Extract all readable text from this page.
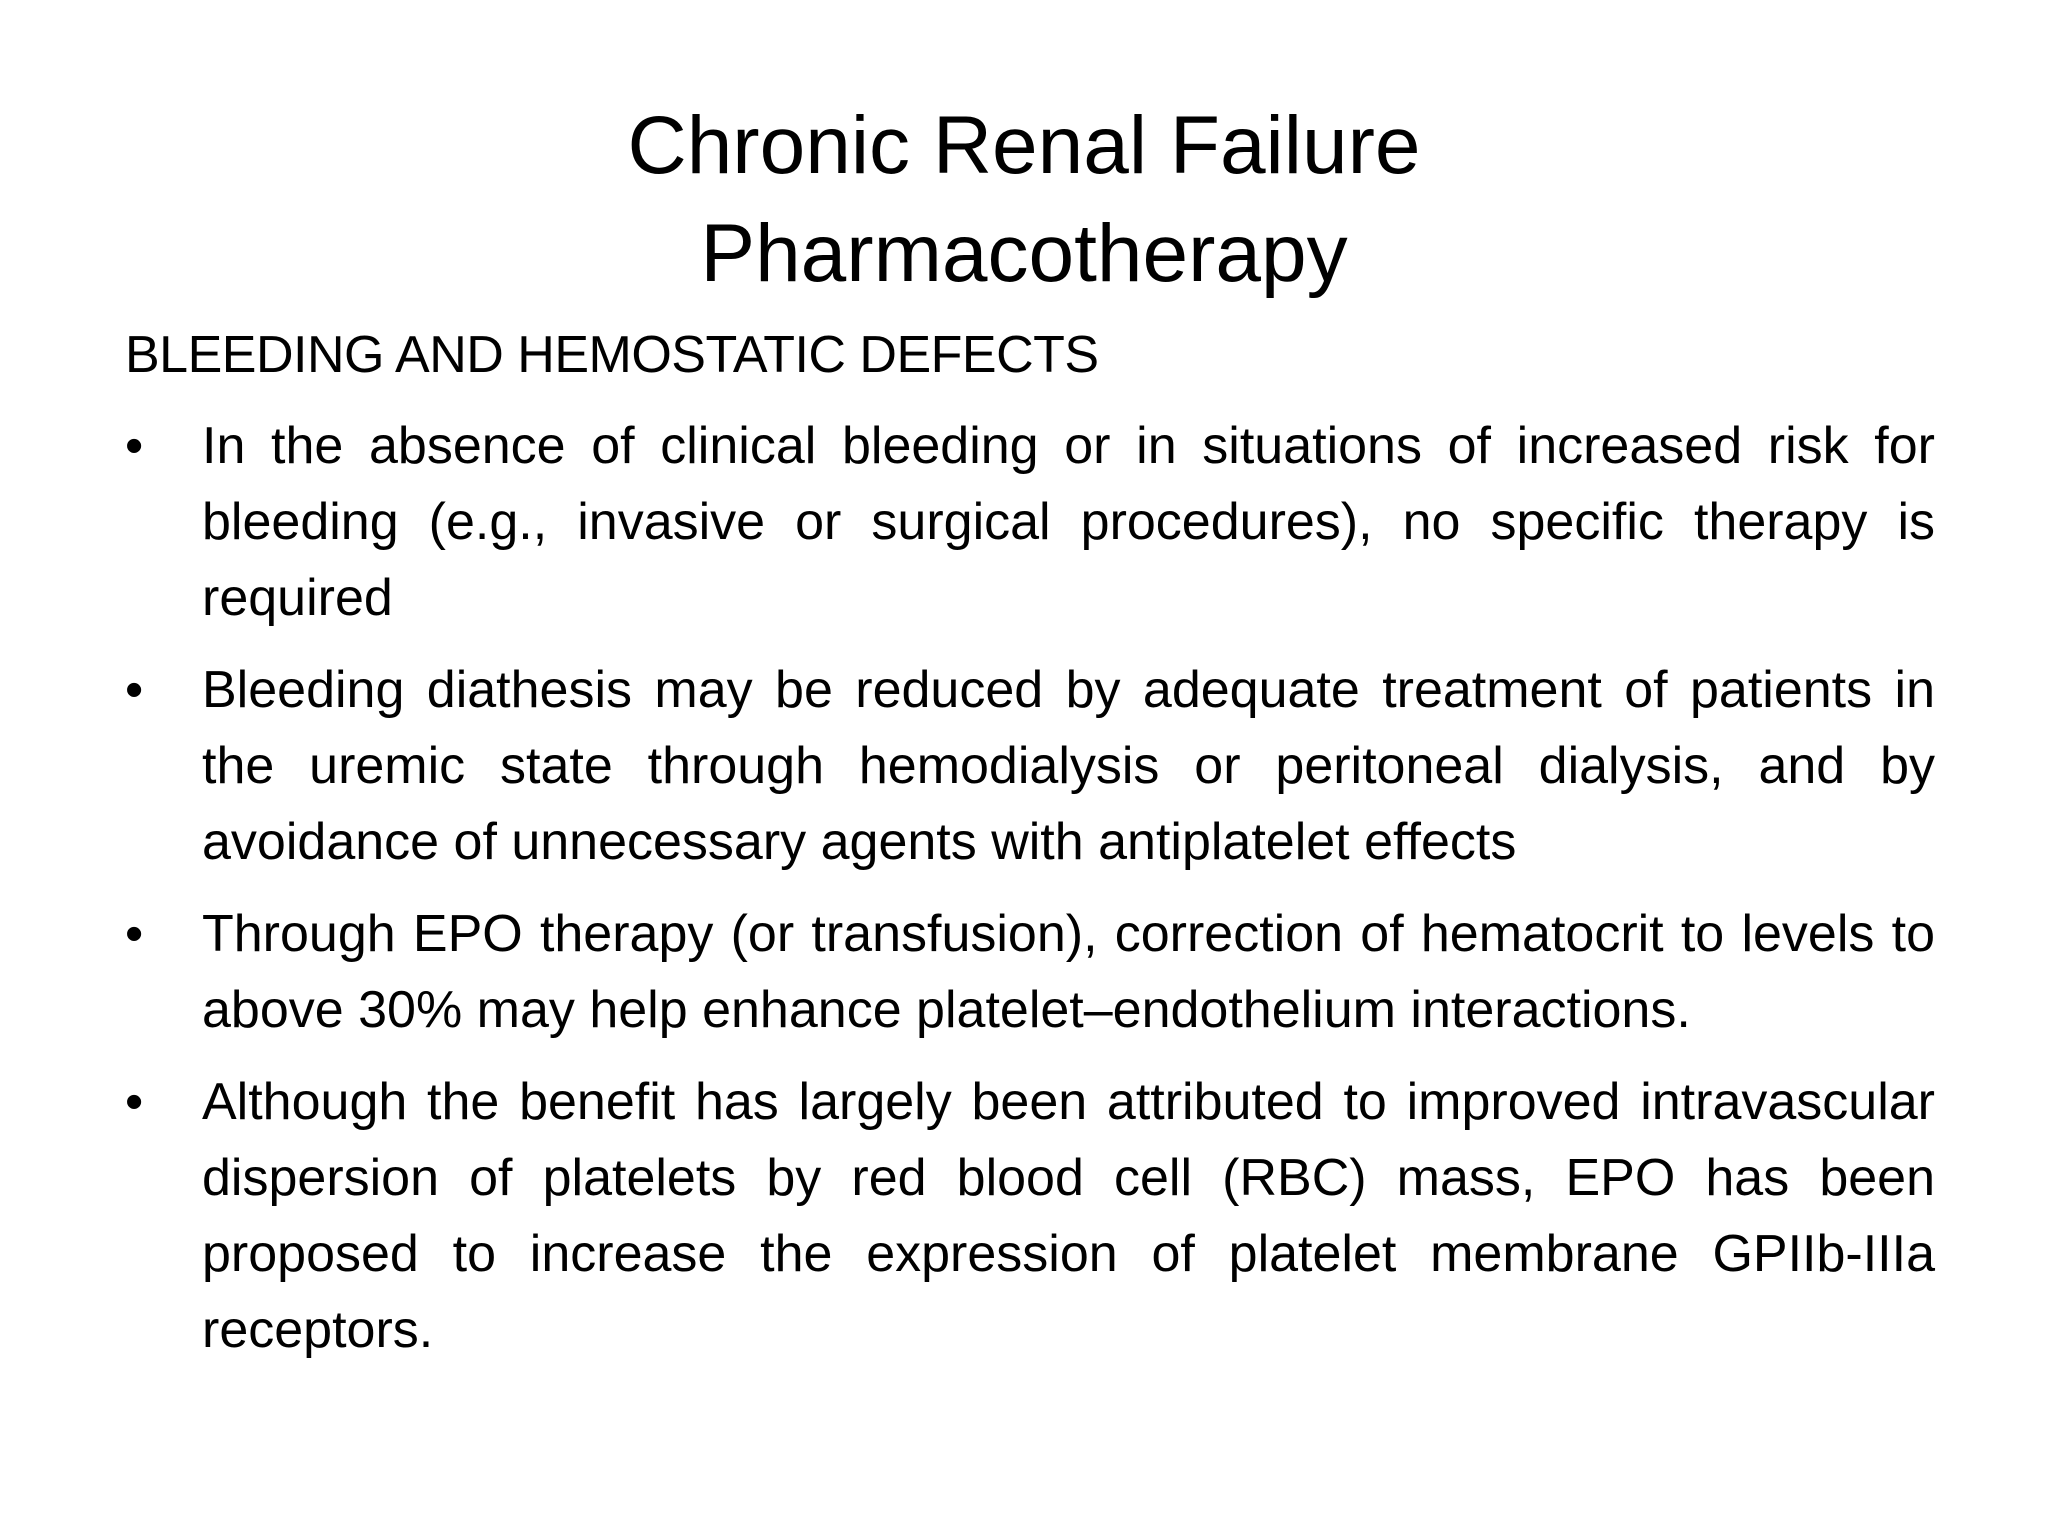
Chronic Renal Failure
Pharmacotherapy
BLEEDING AND HEMOSTATIC DEFECTS
• In the absence of clinical bleeding or in situations of increased risk for bleeding (e.g., invasive or surgical procedures), no specific therapy is required
• Bleeding diathesis may be reduced by adequate treatment of patients in the uremic state through hemodialysis or peritoneal dialysis, and by avoidance of unnecessary agents with antiplatelet effects
• Through EPO therapy (or transfusion), correction of hematocrit to levels to above 30% may help enhance platelet–endothelium interactions.
• Although the benefit has largely been attributed to improved intravascular dispersion of platelets by red blood cell (RBC) mass, EPO has been proposed to increase the expression of platelet membrane GPIIb-IIIa receptors.
